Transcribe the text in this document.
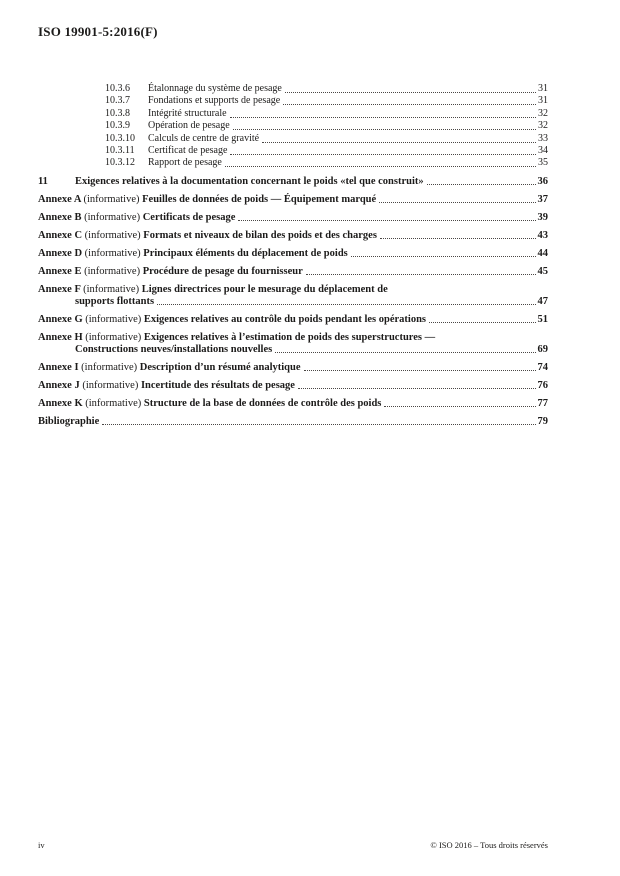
ISO 19901-5:2016(F)
10.3.6 Étalonnage du système de pesage	31
10.3.7 Fondations et supports de pesage	31
10.3.8 Intégrité structurale	32
10.3.9 Opération de pesage	32
10.3.10 Calculs de centre de gravité	33
10.3.11 Certificat de pesage	34
10.3.12 Rapport de pesage	35
11	Exigences relatives à la documentation concernant le poids «tel que construit»	36
Annexe A (informative) Feuilles de données de poids — Équipement marqué	37
Annexe B (informative) Certificats de pesage	39
Annexe C (informative) Formats et niveaux de bilan des poids et des charges	43
Annexe D (informative) Principaux éléments du déplacement de poids	44
Annexe E (informative) Procédure de pesage du fournisseur	45
Annexe F (informative) Lignes directrices pour le mesurage du déplacement de
supports flottants	47
Annexe G (informative) Exigences relatives au contrôle du poids pendant les opérations	51
Annexe H (informative) Exigences relatives à l’estimation de poids des superstructures —
Constructions neuves/installations nouvelles	69
Annexe I (informative) Description d’un résumé analytique	74
Annexe J (informative) Incertitude des résultats de pesage	76
Annexe K (informative) Structure de la base de données de contrôle des poids	77
Bibliographie	79
iv	© ISO 2016 – Tous droits réservés
